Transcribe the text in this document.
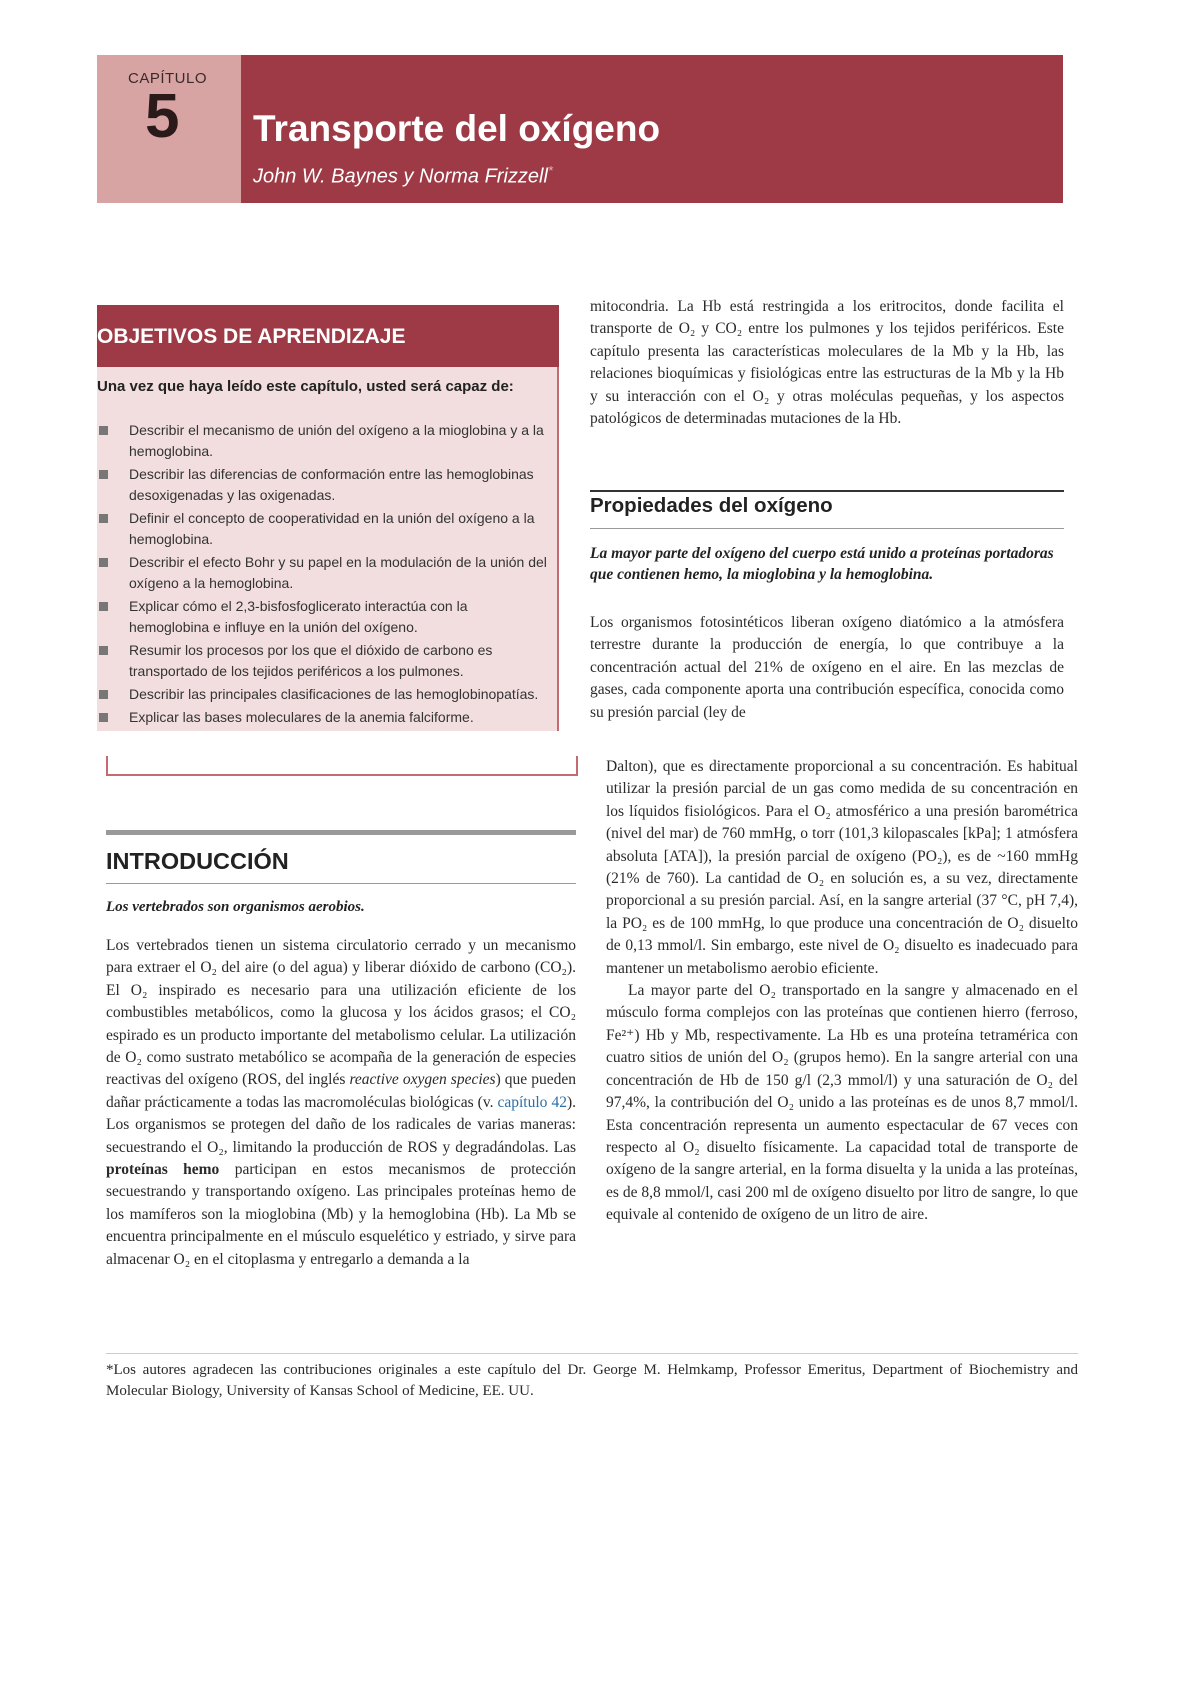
CAPÍTULO
5 Transporte del oxígeno
John W. Baynes y Norma Frizzell*
OBJETIVOS DE APRENDIZAJE
Una vez que haya leído este capítulo, usted será capaz de:
Describir el mecanismo de unión del oxígeno a la mioglobina y a la hemoglobina.
Describir las diferencias de conformación entre las hemoglobinas desoxigenadas y las oxigenadas.
Definir el concepto de cooperatividad en la unión del oxígeno a la hemoglobina.
Describir el efecto Bohr y su papel en la modulación de la unión del oxígeno a la hemoglobina.
Explicar cómo el 2,3-bisfosfoglicerato interactúa con la hemoglobina e influye en la unión del oxígeno.
Resumir los procesos por los que el dióxido de carbono es transportado de los tejidos periféricos a los pulmones.
Describir las principales clasificaciones de las hemoglobinopatías.
Explicar las bases moleculares de la anemia falciforme.

mitocondria. La Hb está restringida a los eritrocitos, donde facilita el transporte de O₂ y CO₂ entre los pulmones y los tejidos periféricos. Este capítulo presenta las características moleculares de la Mb y la Hb, las relaciones bioquímicas y fisiológicas entre las estructuras de la Mb y la Hb y su interacción con el O₂ y otras moléculas pequeñas, y los aspectos patológicos de determinadas mutaciones de la Hb.

Propiedades del oxígeno

La mayor parte del oxígeno del cuerpo está unido a proteínas portadoras que contienen hemo, la mioglobina y la hemoglobina.

Los organismos fotosintéticos liberan oxígeno diatómico a la atmósfera terrestre durante la producción de energía, lo que contribuye a la concentración actual del 21% de oxígeno en el aire. En las mezclas de gases, cada componente aporta una contribución específica, conocida como su presión parcial (ley de

INTRODUCCIÓN

Los vertebrados son organismos aerobios.

Los vertebrados tienen un sistema circulatorio cerrado y un mecanismo para extraer el O₂ del aire (o del agua) y liberar dióxido de carbono (CO₂). El O₂ inspirado es necesario para una utilización eficiente de los combustibles metabólicos, como la glucosa y los ácidos grasos; el CO₂ espirado es un producto importante del metabolismo celular. La utilización de O₂ como sustrato metabólico se acompaña de la generación de especies reactivas del oxígeno (ROS, del inglés reactive oxygen species) que pueden dañar prácticamente a todas las macromoléculas biológicas (v. capítulo 42). Los organismos se protegen del daño de los radicales de varias maneras: secuestrando el O₂, limitando la producción de ROS y degradándolas. Las proteínas hemo participan en estos mecanismos de protección secuestrando y transportando oxígeno. Las principales proteínas hemo de los mamíferos son la mioglobina (Mb) y la hemoglobina (Hb). La Mb se encuentra principalmente en el músculo esquelético y estriado, y sirve para almacenar O₂ en el citoplasma y entregarlo a demanda a la

Dalton), que es directamente proporcional a su concentración. Es habitual utilizar la presión parcial de un gas como medida de su concentración en los líquidos fisiológicos. Para el O₂ atmosférico a una presión barométrica (nivel del mar) de 760 mmHg, o torr (101,3 kilopascales [kPa]; 1 atmósfera absoluta [ATA]), la presión parcial de oxígeno (PO₂), es de ~160 mmHg (21% de 760). La cantidad de O₂ en solución es, a su vez, directamente proporcional a su presión parcial. Así, en la sangre arterial (37 °C, pH 7,4), la PO₂ es de 100 mmHg, lo que produce una concentración de O₂ disuelto de 0,13 mmol/l. Sin embargo, este nivel de O₂ disuelto es inadecuado para mantener un metabolismo aerobio eficiente.

La mayor parte del O₂ transportado en la sangre y almacenado en el músculo forma complejos con las proteínas que contienen hierro (ferroso, Fe²⁺) Hb y Mb, respectivamente. La Hb es una proteína tetramérica con cuatro sitios de unión del O₂ (grupos hemo). En la sangre arterial con una concentración de Hb de 150 g/l (2,3 mmol/l) y una saturación de O₂ del 97,4%, la contribución del O₂ unido a las proteínas es de unos 8,7 mmol/l. Esta concentración representa un aumento espectacular de 67 veces con respecto al O₂ disuelto físicamente. La capacidad total de transporte de oxígeno de la sangre arterial, en la forma disuelta y la unida a las proteínas, es de 8,8 mmol/l, casi 200 ml de oxígeno disuelto por litro de sangre, lo que equivale al contenido de oxígeno de un litro de aire.

*Los autores agradecen las contribuciones originales a este capítulo del Dr. George M. Helmkamp, Professor Emeritus, Department of Biochemistry and Molecular Biology, University of Kansas School of Medicine, EE. UU.
